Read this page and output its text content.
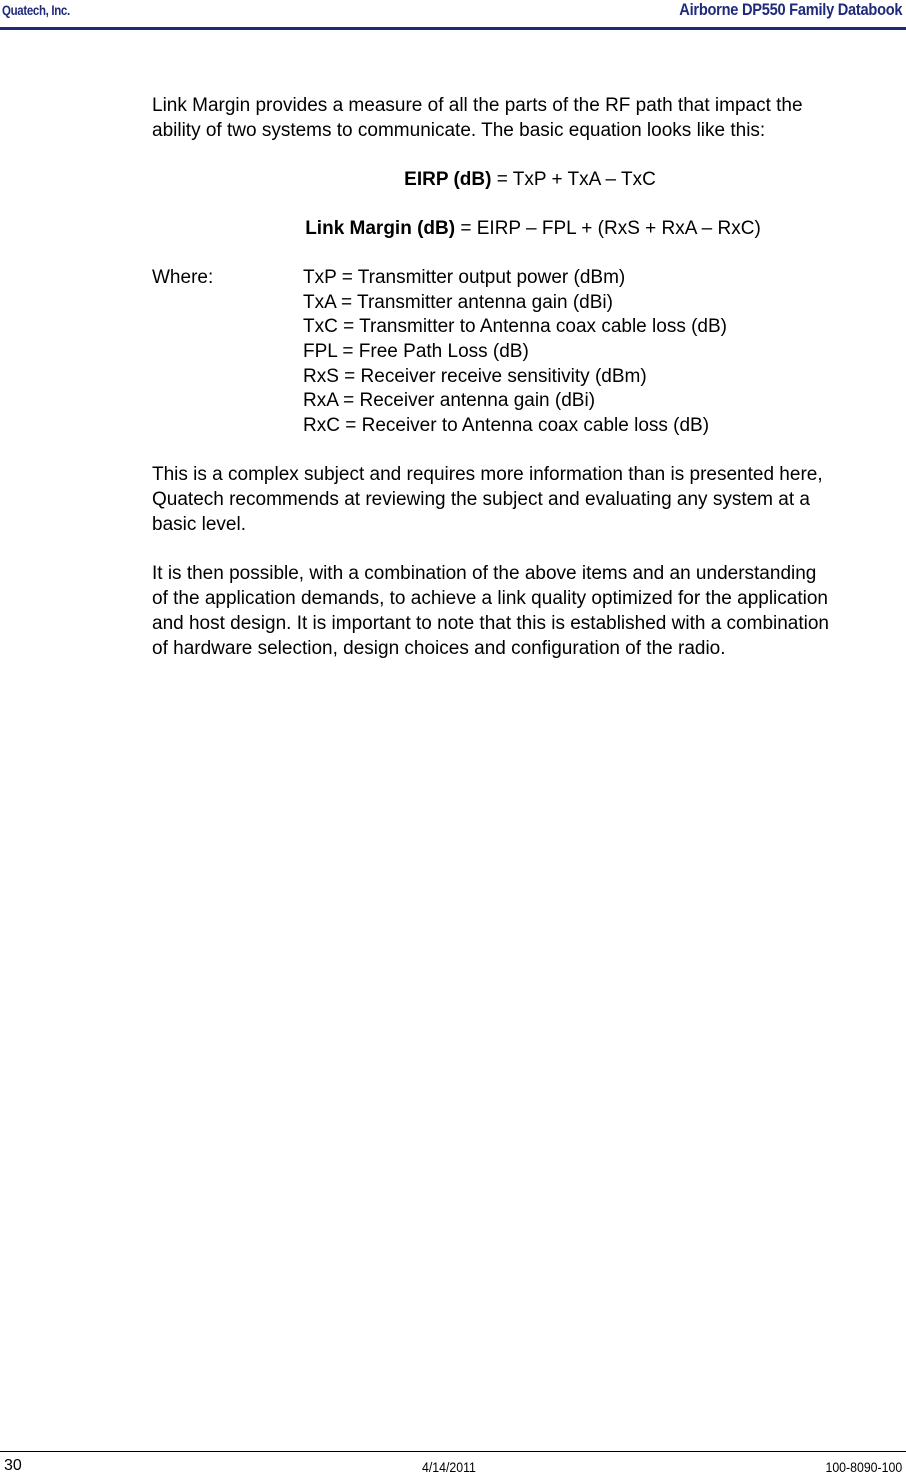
Quatech, Inc.	Airborne DP550 Family Databook

Link Margin provides a measure of all the parts of the RF path that impact the

ability of two systems to communicate. The basic equation looks like this:

EIRP (dB) = TxP + TxA – TxC

Link Margin (dB) = EIRP – FPL + (RxS + RxA – RxC)

Where:	TxP = Transmitter output power (dBm)
TxA = Transmitter antenna gain (dBi)
TxC = Transmitter to Antenna coax cable loss (dB)
FPL = Free Path Loss (dB)
RxS = Receiver receive sensitivity (dBm)
RxA = Receiver antenna gain (dBi)
RxC = Receiver to Antenna coax cable loss (dB)

This is a complex subject and requires more information than is presented here,

Quatech recommends at reviewing the subject and evaluating any system at a

basic level.

It is then possible, with a combination of the above items and an understanding

of the application demands, to achieve a link quality optimized for the application

and host design. It is important to note that this is established with a combination

of hardware selection, design choices and configuration of the radio.

30	4/14/2011	100-8090-100
